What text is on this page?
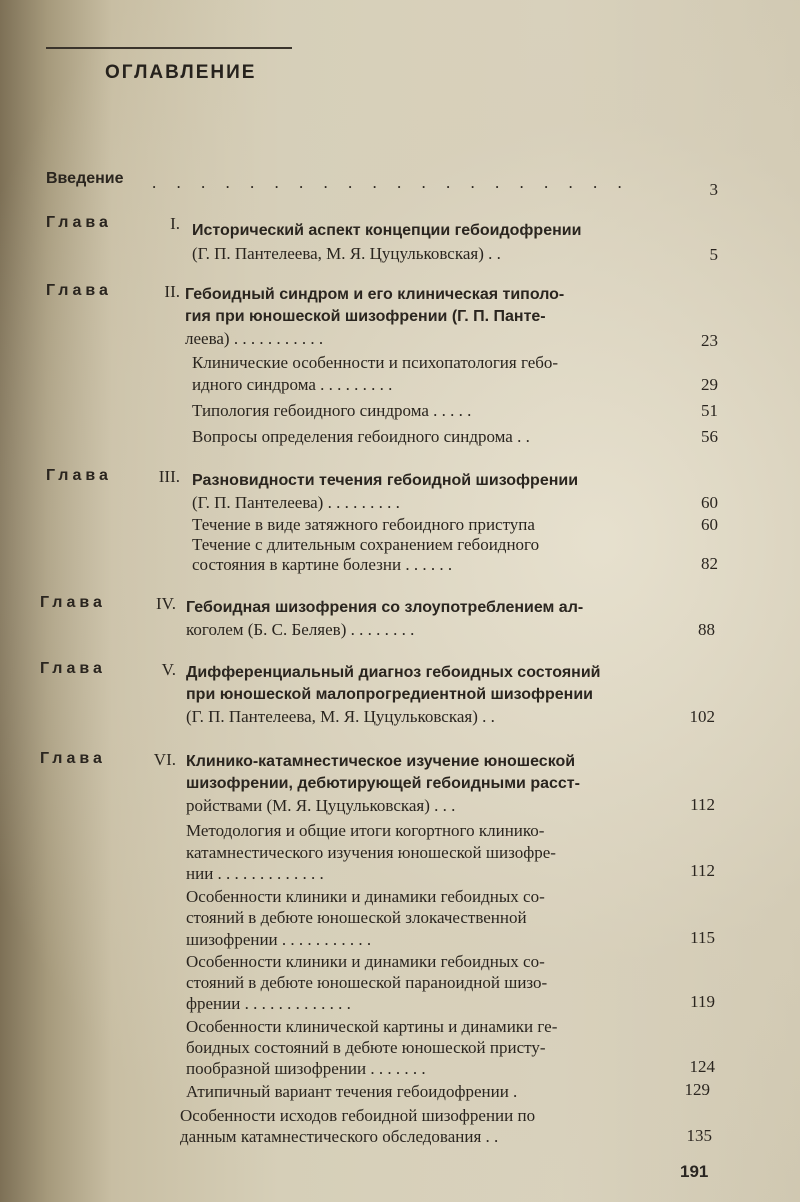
ОГЛАВЛЕНИЕ
Введение . . . . . . . . . . . . . . . . . . . .	3
Глава	I. Исторический аспект концепции гебоидофрении
(Г. П. Пантелеева, М. Я. Цуцульковская) . .	5
Глава	II. Гебоидный синдром и его клиническая типоло-
гия при юношеской шизофрении (Г. П. Панте-
леева) . . . . . . . . . . .	23
Клинические особенности и психопатология гебо-
идного синдрома . . . . . . . . .	29
Типология гебоидного синдрома . . . . .	51
Вопросы определения гебоидного синдрома . .	56
Глава	III. Разновидности течения гебоидной шизофрении
(Г. П. Пантелеева) . . . . . . . . .	60
Течение в виде затяжного гебоидного приступа	60
Течение с длительным сохранением гебоидного
состояния в картине болезни . . . . . .	82
Глава	IV. Гебоидная шизофрения со злоупотреблением ал-
коголем (Б. С. Беляев) . . . . . . . .	88
Глава	V. Дифференциальный диагноз гебоидных состояний
при юношеской малопрогредиентной шизофрении
(Г. П. Пантелеева, М. Я. Цуцульковская) . .	102
Глава	VI. Клинико-катамнестическое изучение юношеской
шизофрении, дебютирующей гебоидными расст-
ройствами (М. Я. Цуцульковская) . . .	112
Методология и общие итоги когортного клинико-
катамнестического изучения юношеской шизофре-
нии . . . . . . . . . . . . .	112
Особенности клиники и динамики гебоидных со-
стояний в дебюте юношеской злокачественной
шизофрении . . . . . . . . . . .	115
Особенности клиники и динамики гебоидных со-
стояний в дебюте юношеской параноидной шизо-
френии . . . . . . . . . . . . .	119
Особенности клинической картины и динамики ге-
боидных состояний в дебюте юношеской присту-
пообразной шизофрении . . . . . . .	124
Атипичный вариант течения гебоидофрении .	129
Особенности исходов гебоидной шизофрении по
данным катамнестического обследования . .	135
191
